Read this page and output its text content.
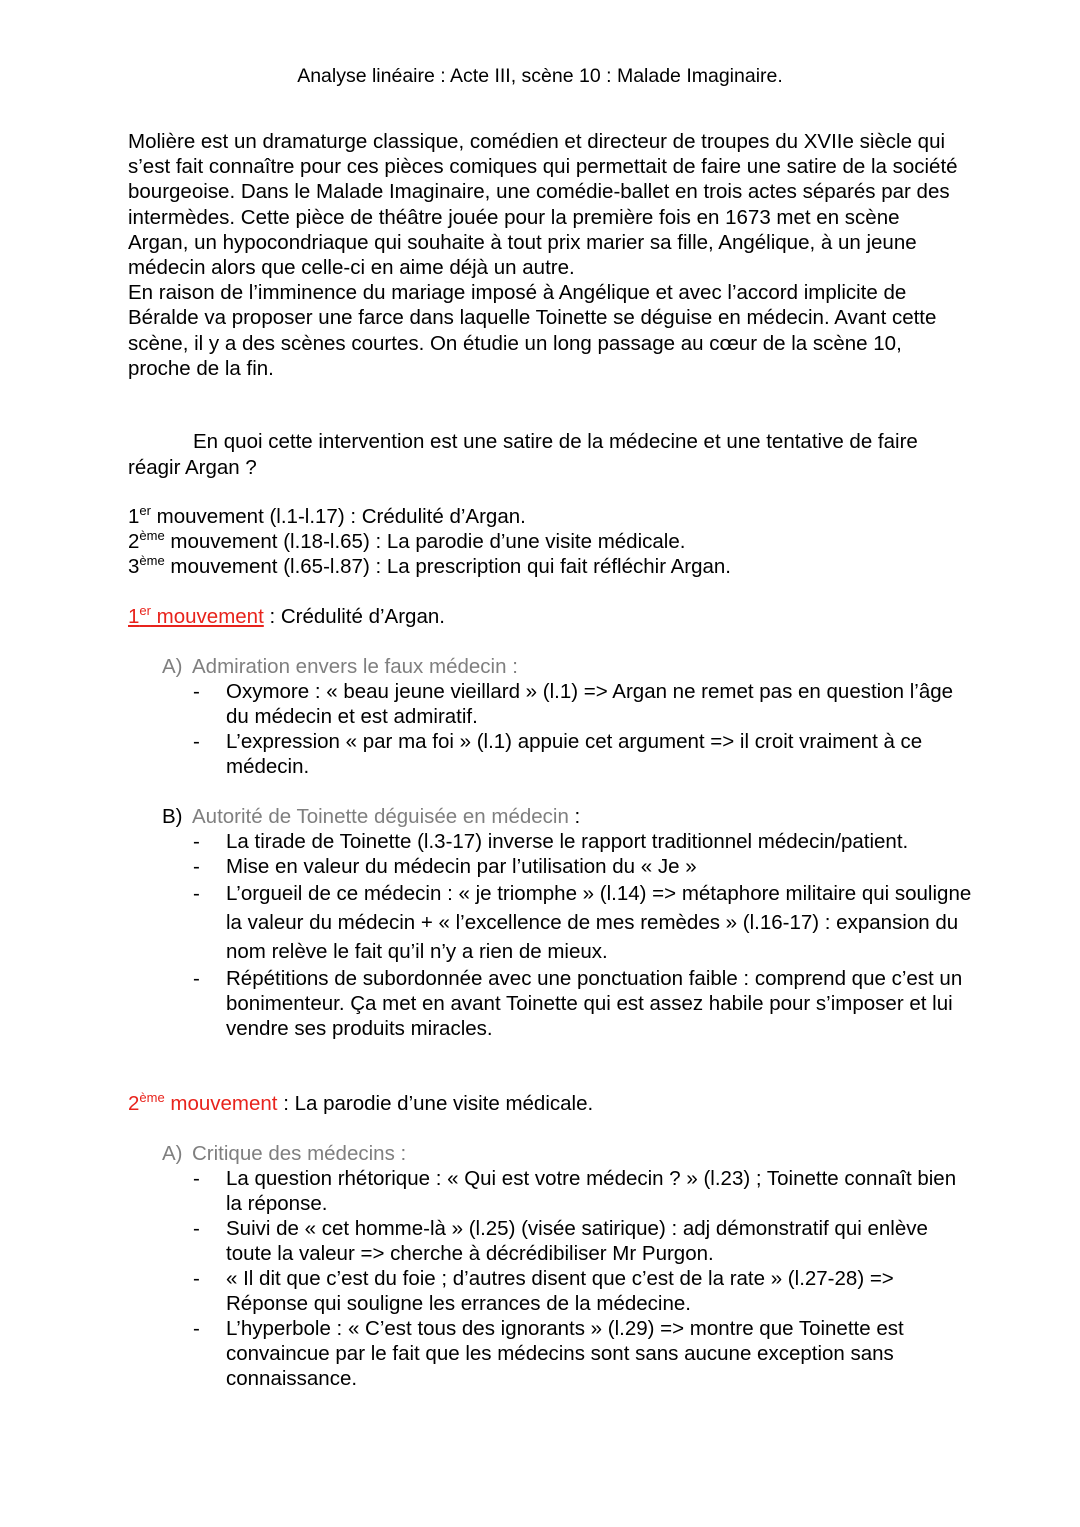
Analyse linéaire : Acte III, scène 10 : Malade Imaginaire.

Molière est un dramaturge classique, comédien et directeur de troupes du XVIIe siècle qui s’est fait connaître pour ces pièces comiques qui permettait de faire une satire de la société bourgeoise. Dans le Malade Imaginaire, une comédie-ballet en trois actes séparés par des intermèdes. Cette pièce de théâtre jouée pour la première fois en 1673 met en scène Argan, un hypocondriaque qui souhaite à tout prix marier sa fille, Angélique, à un jeune médecin alors que celle-ci en aime déjà un autre.

En raison de l’imminence du mariage imposé à Angélique et avec l’accord implicite de Béralde va proposer une farce dans laquelle Toinette se déguise en médecin. Avant cette scène, il y a des scènes courtes. On étudie un long passage au cœur de la scène 10, proche de la fin.

En quoi cette intervention est une satire de la médecine et une tentative de faire réagir Argan ?

1er mouvement (l.1-l.17) : Crédulité d’Argan.
2ème mouvement (l.18-l.65) : La parodie d’une visite médicale.
3ème mouvement (l.65-l.87) : La prescription qui fait réfléchir Argan.
1er mouvement : Crédulité d’Argan.
A) Admiration envers le faux médecin :
- Oxymore : « beau jeune vieillard » (l.1) => Argan ne remet pas en question l’âge du médecin et est admiratif.
- L’expression « par ma foi » (l.1) appuie cet argument => il croit vraiment à ce médecin.
B) Autorité de Toinette déguisée en médecin :
- La tirade de Toinette (l.3-17) inverse le rapport traditionnel médecin/patient.
- Mise en valeur du médecin par l’utilisation du « Je »
- L’orgueil de ce médecin : « je triomphe » (l.14) => métaphore militaire qui souligne la valeur du médecin + « l’excellence de mes remèdes » (l.16-17) : expansion du nom relève le fait qu’il n’y a rien de mieux.
- Répétitions de subordonnée avec une ponctuation faible : comprend que c’est un bonimenteur. Ça met en avant Toinette qui est assez habile pour s’imposer et lui vendre ses produits miracles.
2ème mouvement : La parodie d’une visite médicale.
A) Critique des médecins :
- La question rhétorique : « Qui est votre médecin ? » (l.23) ; Toinette connaît bien la réponse.
- Suivi de « cet homme-là » (l.25) (visée satirique) : adj démonstratif qui enlève toute la valeur => cherche à décrédibiliser Mr Purgon.
- « Il dit que c’est du foie ; d’autres disent que c’est de la rate » (l.27-28) => Réponse qui souligne les errances de la médecine.
- L’hyperbole : « C’est tous des ignorants » (l.29) => montre que Toinette est convaincue par le fait que les médecins sont sans aucune exception sans connaissance.
